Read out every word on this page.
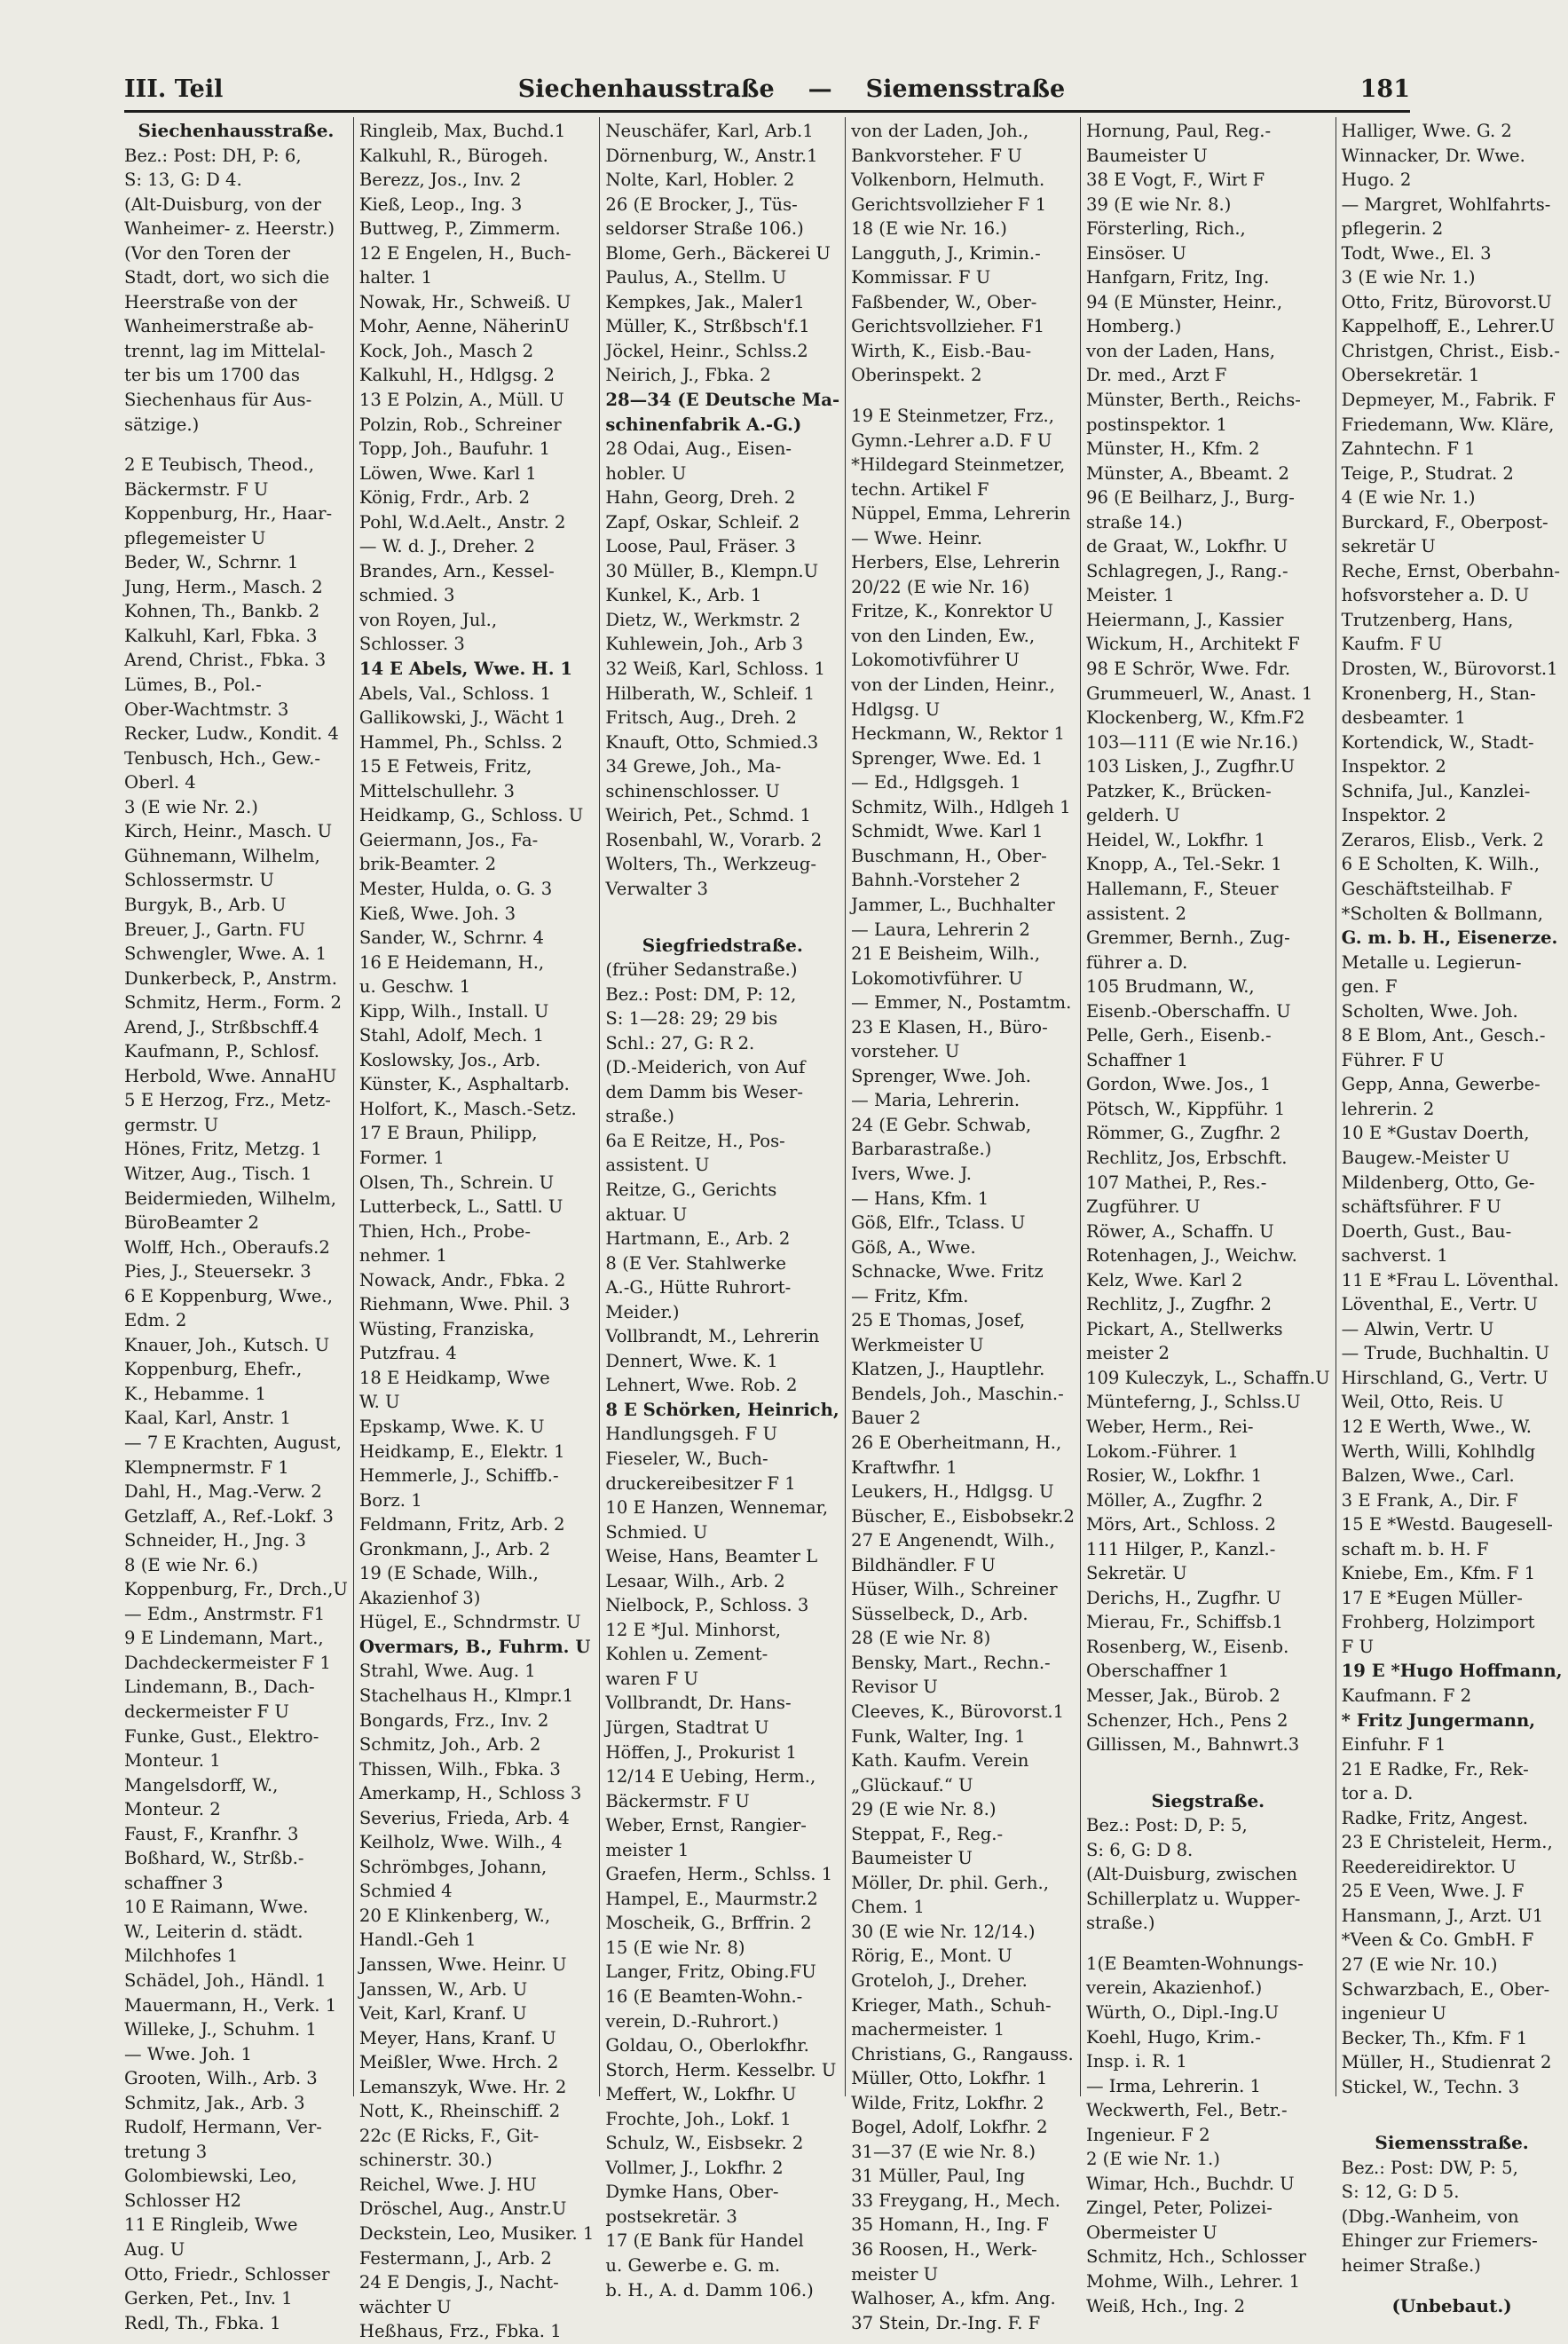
III. Teil	Siechenhausstraße — Siemensstraße	181
Siechenhausstraße.
Bez.: Post: DH, P: 6,
S: 13, G: D 4.
(Alt-Duisburg, von der
Wanheimer- z. Heerstr.)
(Vor den Toren der
Stadt, dort, wo sich die
Heerstraße von der
Wanheimerstraße ab-
trennt, lag im Mittelal-
ter bis um 1700 das
Siechenhaus für Aus-
sätzige.)
2 E Teubisch, Theod.,
Bäckermstr. F U
Koppenburg, Hr., Haar-
pflegemeister U
Beder, W., Schrnr. 1
Jung, Herm., Masch. 2
Kohnen, Th., Bankb. 2
Kalkuhl, Karl, Fbka. 3
Arend, Christ., Fbka. 3
Lümes, B., Pol.-
Ober-Wachtmstr. 3
Recker, Ludw., Kondit. 4
Tenbusch, Hch., Gew.-
Oberl. 4
3 (E wie Nr. 2.)
Kirch, Heinr., Masch. U
Gühnemann, Wilhelm,
Schlossermstr. U
Burgyk, B., Arb. U
Breuer, J., Gartn. FU
Schwengler, Wwe. A. 1
Dunkerbeck, P., Anstrm.
Schmitz, Herm., Form. 2
Arend, J., Strßbschff.4
Kaufmann, P., Schlosf.
Herbold, Wwe. AnnaHU
5 E Herzog, Frz., Metz-
germstr. U
Hönes, Fritz, Metzg. 1
Witzer, Aug., Tisch. 1
Beidermieden, Wilhelm,
BüroBeamter 2
Wolff, Hch., Oberaufs.2
Pies, J., Steuersekr. 3
6 E Koppenburg, Wwe.,
Edm. 2
Knauer, Joh., Kutsch. U
Koppenburg, Ehefr.,
K., Hebamme. 1
Kaal, Karl, Anstr. 1
— 7 E Krachten, August,
Klempnermstr. F 1
Dahl, H., Mag.-Verw. 2
Getzlaff, A., Ref.-Lokf. 3
Schneider, H., Jng. 3
8 (E wie Nr. 6.)
Koppenburg, Fr., Drch.,U
— Edm., Anstrmstr. F1
9 E Lindemann, Mart.,
Dachdeckermeister F 1
Lindemann, B., Dach-
deckermeister F U
Funke, Gust., Elektro-
Monteur. 1
Mangelsdorff, W.,
Monteur. 2
Faust, F., Kranfhr. 3
Boßhard, W., Strßb.-
schaffner 3
10 E Raimann, Wwe.
W., Leiterin d. städt.
Milchhofes 1
Schädel, Joh., Händl. 1
Mauermann, H., Verk. 1
Willeke, J., Schuhm. 1
— Wwe. Joh. 1
Grooten, Wilh., Arb. 3
Schmitz, Jak., Arb. 3
Rudolf, Hermann, Ver-
tretung 3
Golombiewski, Leo,
Schlosser H2
11 E Ringleib, Wwe
Aug. U
Otto, Friedr., Schlosser
Gerken, Pet., Inv. 1
Redl, Th., Fbka. 1
Ringleib, Max, Buchd.1
Kalkuhl, R., Bürogeh.
Berezz, Jos., Inv. 2
Kieß, Leop., Ing. 3
Buttweg, P., Zimmerm.
12 E Engelen, H., Buch-
halter. 1
Nowak, Hr., Schweiß. U
Mohr, Aenne, NäherinU
Kock, Joh., Masch 2
Kalkuhl, H., Hdlgsg. 2
13 E Polzin, A., Müll. U
Polzin, Rob., Schreiner
Topp, Joh., Baufuhr. 1
Löwen, Wwe. Karl 1
König, Frdr., Arb. 2
Pohl, W.d.Aelt., Anstr. 2
— W. d. J., Dreher. 2
Brandes, Arn., Kessel-
schmied. 3
von Royen, Jul.,
Schlosser. 3
14 E Abels, Wwe. H. 1
Abels, Val., Schloss. 1
Gallikowski, J., Wächt 1
Hammel, Ph., Schlss. 2
15 E Fetweis, Fritz,
Mittelschullehr. 3
Heidkamp, G., Schloss. U
Geiermann, Jos., Fa-
brik-Beamter. 2
Mester, Hulda, o. G. 3
Kieß, Wwe. Joh. 3
Sander, W., Schrnr. 4
16 E Heidemann, H.,
u. Geschw. 1
Kipp, Wilh., Install. U
Stahl, Adolf, Mech. 1
Koslowsky, Jos., Arb.
Künster, K., Asphaltarb.
Holfort, K., Masch.-Setz.
17 E Braun, Philipp,
Former. 1
Olsen, Th., Schrein. U
Lutterbeck, L., Sattl. U
Thien, Hch., Probe-
nehmer. 1
Nowack, Andr., Fbka. 2
Riehmann, Wwe. Phil. 3
Wüsting, Franziska,
Putzfrau. 4
18 E Heidkamp, Wwe
W. U
Epskamp, Wwe. K. U
Heidkamp, E., Elektr. 1
Hemmerle, J., Schiffb.-
Borz. 1
Feldmann, Fritz, Arb. 2
Gronkmann, J., Arb. 2
19 (E Schade, Wilh.,
Akazienhof 3)
Hügel, E., Schndrmstr. U
Overmars, B., Fuhrm. U
Strahl, Wwe. Aug. 1
Stachelhaus H., Klmpr.1
Bongards, Frz., Inv. 2
Schmitz, Joh., Arb. 2
Thissen, Wilh., Fbka. 3
Amerkamp, H., Schloss 3
Severius, Frieda, Arb. 4
Keilholz, Wwe. Wilh., 4
Schrömbges, Johann,
Schmied 4
20 E Klinkenberg, W.,
Handl.-Geh 1
Janssen, Wwe. Heinr. U
Janssen, W., Arb. U
Veit, Karl, Kranf. U
Meyer, Hans, Kranf. U
Meißler, Wwe. Hrch. 2
Lemanszyk, Wwe. Hr. 2
Nott, K., Rheinschiff. 2
22c (E Ricks, F., Git-
schinerstr. 30.)
Reichel, Wwe. J. HU
Dröschel, Aug., Anstr.U
Deckstein, Leo, Musiker. 1
Festermann, J., Arb. 2
24 E Dengis, J., Nacht-
wächter U
Heßhaus, Frz., Fbka. 1
Neuschäfer, Karl, Arb.1
Dörnenburg, W., Anstr.1
Nolte, Karl, Hobler. 2
26 (E Brocker, J., Tüs-
seldorser Straße 106.)
Blome, Gerh., Bäckerei U
Paulus, A., Stellm. U
Kempkes, Jak., Maler1
Müller, K., Strßbsch'f.1
Jöckel, Heinr., Schlss.2
Neirich, J., Fbka. 2
28—34 (E Deutsche Ma-
schinenfabrik A.-G.)
28 Odai, Aug., Eisen-
hobler. U
Hahn, Georg, Dreh. 2
Zapf, Oskar, Schleif. 2
Loose, Paul, Fräser. 3
30 Müller, B., Klempn.U
Kunkel, K., Arb. 1
Dietz, W., Werkmstr. 2
Kuhlewein, Joh., Arb 3
32 Weiß, Karl, Schloss. 1
Hilberath, W., Schleif. 1
Fritsch, Aug., Dreh. 2
Knauft, Otto, Schmied.3
34 Grewe, Joh., Ma-
schinenschlosser. U
Weirich, Pet., Schmd. 1
Rosenbahl, W., Vorarb. 2
Wolters, Th., Werkzeug-
Verwalter 3
Siegfriedstraße.
(früher Sedanstraße.)
Bez.: Post: DM, P: 12,
S: 1—28: 29; 29 bis
Schl.: 27, G: R 2.
(D.-Meiderich, von Auf
dem Damm bis Weser-
straße.)
6a E Reitze, H., Pos-
assistent. U
Reitze, G., Gerichts
aktuar. U
Hartmann, E., Arb. 2
8 (E Ver. Stahlwerke
A.-G., Hütte Ruhrort-
Meider.)
Vollbrandt, M., Lehrerin
Dennert, Wwe. K. 1
Lehnert, Wwe. Rob. 2
8 E Schörken, Heinrich,
Handlungsgeh. F U
Fieseler, W., Buch-
druckereibesitzer F 1
10 E Hanzen, Wennemar,
Schmied. U
Weise, Hans, Beamter L
Lesaar, Wilh., Arb. 2
Nielbock, P., Schloss. 3
12 E *Jul. Minhorst,
Kohlen u. Zement-
waren F U
Vollbrandt, Dr. Hans-
Jürgen, Stadtrat U
Höffen, J., Prokurist 1
12/14 E Uebing, Herm.,
Bäckermstr. F U
Weber, Ernst, Rangier-
meister 1
Graefen, Herm., Schlss. 1
Hampel, E., Maurmstr.2
Moscheik, G., Brffrin. 2
15 (E wie Nr. 8)
Langer, Fritz, Obing.FU
16 (E Beamten-Wohn.-
verein, D.-Ruhrort.)
Goldau, O., Oberlokfhr.
Storch, Herm. Kesselbr. U
Meffert, W., Lokfhr. U
Frochte, Joh., Lokf. 1
Schulz, W., Eisbsekr. 2
Vollmer, J., Lokfhr. 2
Dymke Hans, Ober-
postsekretär. 3
17 (E Bank für Handel
u. Gewerbe e. G. m.
b. H., A. d. Damm 106.)
von der Laden, Joh.,
Bankvorsteher. F U
Volkenborn, Helmuth.
Gerichtsvollzieher F 1
18 (E wie Nr. 16.)
Langguth, J., Krimin.-
Kommissar. F U
Faßbender, W., Ober-
Gerichtsvollzieher. F1
Wirth, K., Eisb.-Bau-
Oberinspekt. 2
19 E Steinmetzer, Frz.,
Gymn.-Lehrer a.D. F U
*Hildegard Steinmetzer,
techn. Artikel F
Nüppel, Emma, Lehrerin
— Wwe. Heinr.
Herbers, Else, Lehrerin
20/22 (E wie Nr. 16)
Fritze, K., Konrektor U
von den Linden, Ew.,
Lokomotivführer U
von der Linden, Heinr.,
Hdlgsg. U
Heckmann, W., Rektor 1
Sprenger, Wwe. Ed. 1
— Ed., Hdlgsgeh. 1
Schmitz, Wilh., Hdlgeh 1
Schmidt, Wwe. Karl 1
Buschmann, H., Ober-
Bahnh.-Vorsteher 2
Jammer, L., Buchhalter
— Laura, Lehrerin 2
21 E Beisheim, Wilh.,
Lokomotivführer. U
— Emmer, N., Postamtm.
23 E Klasen, H., Büro-
vorsteher. U
Sprenger, Wwe. Joh.
— Maria, Lehrerin.
24 (E Gebr. Schwab,
Barbarastraße.)
Ivers, Wwe. J.
— Hans, Kfm. 1
Göß, Elfr., Tclass. U
Göß, A., Wwe.
Schnacke, Wwe. Fritz
— Fritz, Kfm.
25 E Thomas, Josef,
Werkmeister U
Klatzen, J., Hauptlehr.
Bendels, Joh., Maschin.-
Bauer 2
26 E Oberheitmann, H.,
Kraftwfhr. 1
Leukers, H., Hdlgsg. U
Büscher, E., Eisbobsekr.2
27 E Angenendt, Wilh.,
Bildhändler. F U
Hüser, Wilh., Schreiner
Süsselbeck, D., Arb.
28 (E wie Nr. 8)
Bensky, Mart., Rechn.-
Revisor U
Cleeves, K., Bürovorst.1
Funk, Walter, Ing. 1
Kath. Kaufm. Verein
„Glückauf.“ U
29 (E wie Nr. 8.)
Steppat, F., Reg.-
Baumeister U
Möller, Dr. phil. Gerh.,
Chem. 1
30 (E wie Nr. 12/14.)
Rörig, E., Mont. U
Groteloh, J., Dreher.
Krieger, Math., Schuh-
machermeister. 1
Christians, G., Rangauss.
Müller, Otto, Lokfhr. 1
Wilde, Fritz, Lokfhr. 2
Bogel, Adolf, Lokfhr. 2
31—37 (E wie Nr. 8.)
31 Müller, Paul, Ing
33 Freygang, H., Mech.
35 Homann, H., Ing. F
36 Roosen, H., Werk-
meister U
Walhoser, A., kfm. Ang.
37 Stein, Dr.-Ing. F. F
Hornung, Paul, Reg.-
Baumeister U
38 E Vogt, F., Wirt F
39 (E wie Nr. 8.)
Försterling, Rich.,
Einsöser. U
Hanfgarn, Fritz, Ing.
94 (E Münster, Heinr.,
Homberg.)
von der Laden, Hans,
Dr. med., Arzt F
Münster, Berth., Reichs-
postinspektor. 1
Münster, H., Kfm. 2
Münster, A., Bbeamt. 2
96 (E Beilharz, J., Burg-
straße 14.)
de Graat, W., Lokfhr. U
Schlagregen, J., Rang.-
Meister. 1
Heiermann, J., Kassier
Wickum, H., Architekt F
98 E Schrör, Wwe. Fdr.
Grummeuerl, W., Anast. 1
Klockenberg, W., Kfm.F2
103—111 (E wie Nr.16.)
103 Lisken, J., Zugfhr.U
Patzker, K., Brücken-
gelderh. U
Heidel, W., Lokfhr. 1
Knopp, A., Tel.-Sekr. 1
Hallemann, F., Steuer
assistent. 2
Gremmer, Bernh., Zug-
führer a. D.
105 Brudmann, W.,
Eisenb.-Oberschaffn. U
Pelle, Gerh., Eisenb.-
Schaffner 1
Gordon, Wwe. Jos., 1
Pötsch, W., Kippführ. 1
Römmer, G., Zugfhr. 2
Rechlitz, Jos, Erbschft.
107 Mathei, P., Res.-
Zugführer. U
Röwer, A., Schaffn. U
Rotenhagen, J., Weichw.
Kelz, Wwe. Karl 2
Rechlitz, J., Zugfhr. 2
Pickart, A., Stellwerks
meister 2
109 Kuleczyk, L., Schaffn.U
Münteferng, J., Schlss.U
Weber, Herm., Rei-
Lokom.-Führer. 1
Rosier, W., Lokfhr. 1
Möller, A., Zugfhr. 2
Mörs, Art., Schloss. 2
111 Hilger, P., Kanzl.-
Sekretär. U
Derichs, H., Zugfhr. U
Mierau, Fr., Schiffsb.1
Rosenberg, W., Eisenb.
Oberschaffner 1
Messer, Jak., Bürob. 2
Schenzer, Hch., Pens 2
Gillissen, M., Bahnwrt.3
Siegstraße.
Bez.: Post: D, P: 5,
S: 6, G: D 8.
(Alt-Duisburg, zwischen
Schillerplatz u. Wupper-
straße.)
1(E Beamten-Wohnungs-
verein, Akazienhof.)
Würth, O., Dipl.-Ing.U
Koehl, Hugo, Krim.-
Insp. i. R. 1
— Irma, Lehrerin. 1
Weckwerth, Fel., Betr.-
Ingenieur. F 2
2 (E wie Nr. 1.)
Wimar, Hch., Buchdr. U
Zingel, Peter, Polizei-
Obermeister U
Schmitz, Hch., Schlosser
Mohme, Wilh., Lehrer. 1
Weiß, Hch., Ing. 2
Halliger, Wwe. G. 2
Winnacker, Dr. Wwe.
Hugo. 2
— Margret, Wohlfahrts-
pflegerin. 2
Todt, Wwe., El. 3
3 (E wie Nr. 1.)
Otto, Fritz, Bürovorst.U
Kappelhoff, E., Lehrer.U
Christgen, Christ., Eisb.-
Obersekretär. 1
Depmeyer, M., Fabrik. F
Friedemann, Ww. Kläre,
Zahntechn. F 1
Teige, P., Studrat. 2
4 (E wie Nr. 1.)
Burckard, F., Oberpost-
sekretär U
Reche, Ernst, Oberbahn-
hofsvorsteher a. D. U
Trutzenberg, Hans,
Kaufm. F U
Drosten, W., Bürovorst.1
Kronenberg, H., Stan-
desbeamter. 1
Kortendick, W., Stadt-
Inspektor. 2
Schnifa, Jul., Kanzlei-
Inspektor. 2
Zeraros, Elisb., Verk. 2
6 E Scholten, K. Wilh.,
Geschäftsteilhab. F
*Scholten & Bollmann,
G. m. b. H., Eisenerze.
Metalle u. Legierun-
gen. F
Scholten, Wwe. Joh.
8 E Blom, Ant., Gesch.-
Führer. F U
Gepp, Anna, Gewerbe-
lehrerin. 2
10 E *Gustav Doerth,
Baugew.-Meister U
Mildenberg, Otto, Ge-
schäftsführer. F U
Doerth, Gust., Bau-
sachverst. 1
11 E *Frau L. Löventhal.
Löventhal, E., Vertr. U
— Alwin, Vertr. U
— Trude, Buchhaltin. U
Hirschland, G., Vertr. U
Weil, Otto, Reis. U
12 E Werth, Wwe., W.
Werth, Willi, Kohlhdlg
Balzen, Wwe., Carl.
3 E Frank, A., Dir. F
15 E *Westd. Baugesell-
schaft m. b. H. F
Kniebe, Em., Kfm. F 1
17 E *Eugen Müller-
Frohberg, Holzimport
F U
19 E *Hugo Hoffmann,
Kaufmann. F 2
* Fritz Jungermann,
Einfuhr. F 1
21 E Radke, Fr., Rek-
tor a. D.
Radke, Fritz, Angest.
23 E Christeleit, Herm.,
Reedereidirektor. U
25 E Veen, Wwe. J. F
Hansmann, J., Arzt. U1
*Veen & Co. GmbH. F
27 (E wie Nr. 10.)
Schwarzbach, E., Ober-
ingenieur U
Becker, Th., Kfm. F 1
Müller, H., Studienrat 2
Stickel, W., Techn. 3
Siemensstraße.
Bez.: Post: DW, P: 5,
S: 12, G: D 5.
(Dbg.-Wanheim, von
Ehinger zur Friemers-
heimer Straße.)
(Unbebaut.)
